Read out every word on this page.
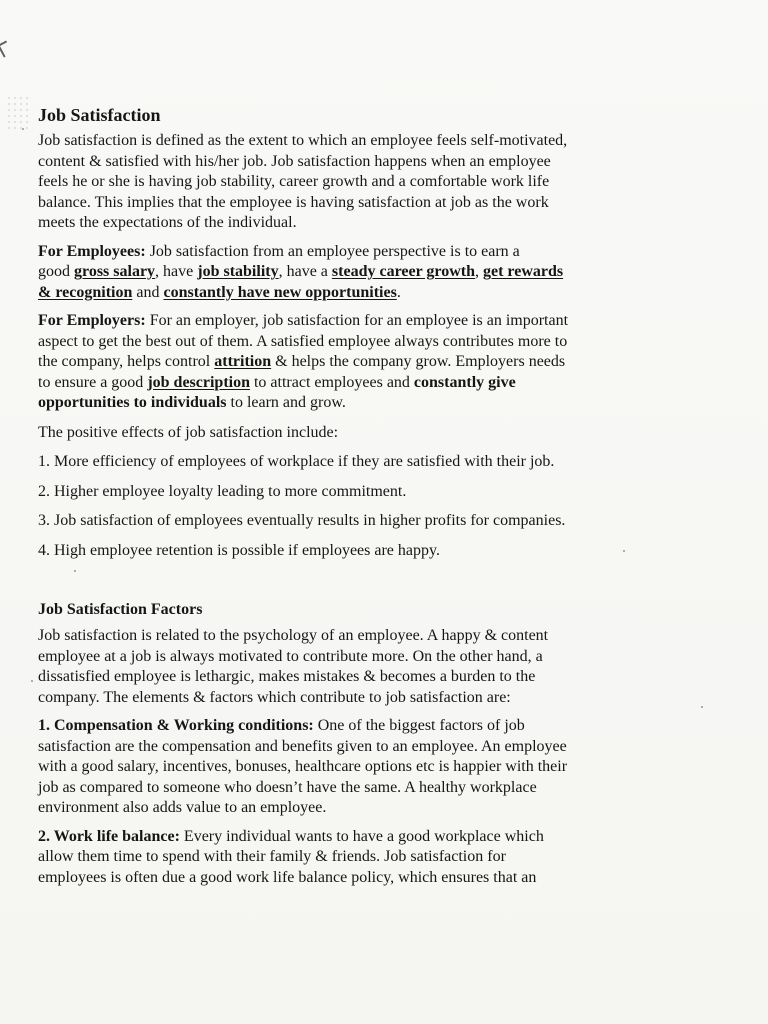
Job Satisfaction

Job satisfaction is defined as the extent to which an employee feels self-motivated,

content & satisfied with his/her job. Job satisfaction happens when an employee

feels he or she is having job stability, career growth and a comfortable work life

balance. This implies that the employee is having satisfaction at job as the work

meets the expectations of the individual.

For Employees: Job satisfaction from an employee perspective is to earn a

good gross salary, have job stability, have a steady career growth, get rewards

& recognition and constantly have new opportunities.

For Employers: For an employer, job satisfaction for an employee is an important

aspect to get the best out of them. A satisfied employee always contributes more to

the company, helps control attrition & helps the company grow. Employers needs

to ensure a good job description to attract employees and constantly give

opportunities to individuals to learn and grow.

The positive effects of job satisfaction include:

1. More efficiency of employees of workplace if they are satisfied with their job.

2. Higher employee loyalty leading to more commitment.

3. Job satisfaction of employees eventually results in higher profits for companies.

4. High employee retention is possible if employees are happy.

Job Satisfaction Factors

Job satisfaction is related to the psychology of an employee. A happy & content

employee at a job is always motivated to contribute more. On the other hand, a

dissatisfied employee is lethargic, makes mistakes & becomes a burden to the

company. The elements & factors which contribute to job satisfaction are:

1. Compensation & Working conditions: One of the biggest factors of job

satisfaction are the compensation and benefits given to an employee. An employee

with a good salary, incentives, bonuses, healthcare options etc is happier with their

job as compared to someone who doesn’t have the same. A healthy workplace

environment also adds value to an employee.

2. Work life balance: Every individual wants to have a good workplace which

allow them time to spend with their family & friends. Job satisfaction for

employees is often due a good work life balance policy, which ensures that an
